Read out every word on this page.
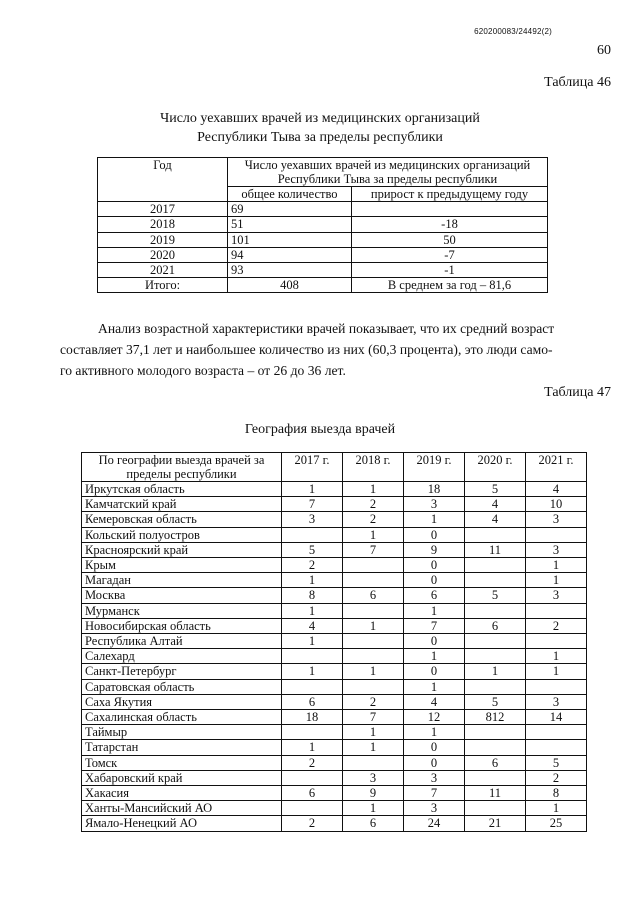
620200083/24492(2)
60
Таблица 46
Число уехавших врачей из медицинских организаций
Республики Тыва за пределы республики
Год	Число уехавших врачей из медицинских организаций Республики Тыва за пределы республики	
	общее количество	прирост к предыдущему году
2017	69	
2018	51	-18
2019	101	50
2020	94	-7
2021	93	-1
Итого:	408	В среднем за год – 81,6
Анализ возрастной характеристики врачей показывает, что их средний возраст
составляет 37,1 лет и наибольшее количество из них (60,3 процента), это люди само-
го активного молодого возраста – от 26 до 36 лет.
Таблица 47
География выезда врачей
По географии выезда врачей за пределы республики	2017 г.	2018 г.	2019 г.	2020 г.	2021 г.
Иркутская область	1	1	18	5	4
Камчатский край	7	2	3	4	10
Кемеровская область	3	2	1	4	3
Кольский полуостров		1	0		
Красноярский край	5	7	9	11	3
Крым	2		0		1
Магадан	1		0		1
Москва	8	6	6	5	3
Мурманск	1		1		
Новосибирская область	4	1	7	6	2
Республика Алтай	1		0		
Салехард			1		1
Санкт-Петербург	1	1	0	1	1
Саратовская область			1		
Саха Якутия	6	2	4	5	3
Сахалинская область	18	7	12	812	14
Таймыр		1	1		
Татарстан	1	1	0		
Томск	2		0	6	5
Хабаровский край		3	3		2
Хакасия	6	9	7	11	8
Ханты-Мансийский АО		1	3		1
Ямало-Ненецкий АО	2	6	24	21	25
